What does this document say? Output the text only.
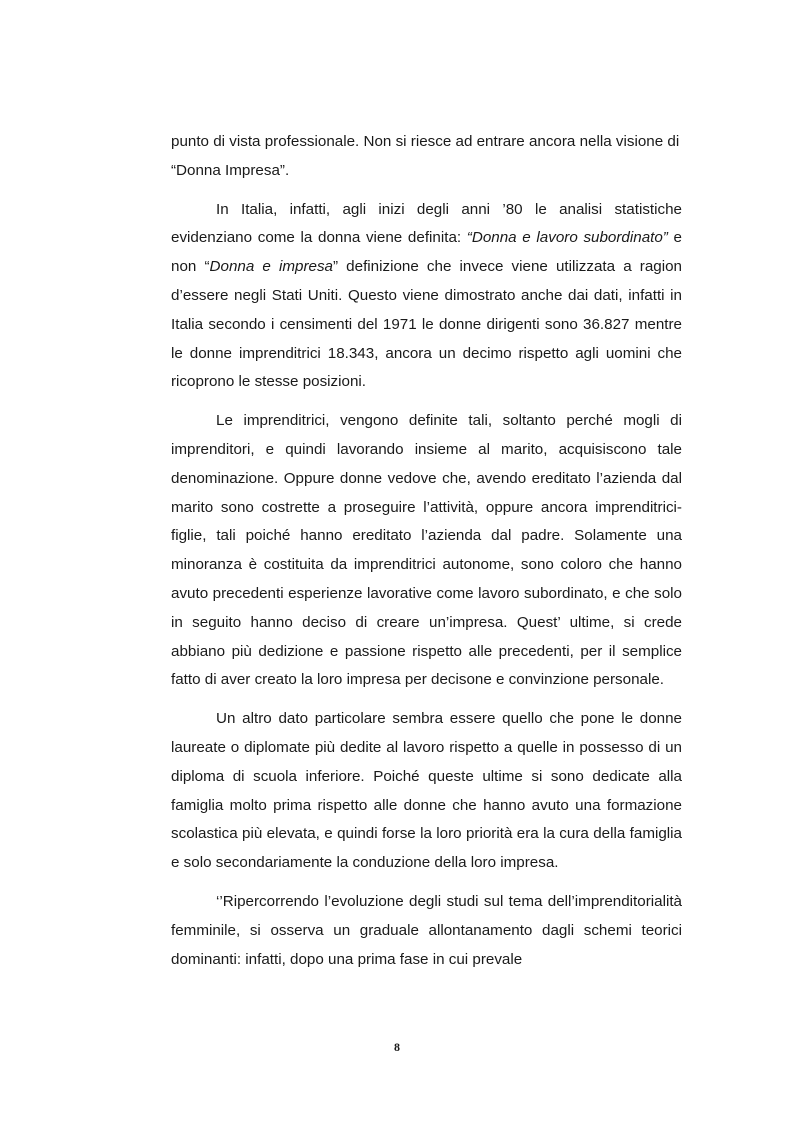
punto di vista professionale. Non si riesce ad entrare ancora nella visione di “Donna Impresa”.

In Italia, infatti, agli inizi degli anni ’80 le analisi statistiche evidenziano come la donna viene definita: “Donna e lavoro subordinato” e non “Donna e impresa” definizione che invece viene utilizzata a ragion d’essere negli Stati Uniti. Questo viene dimostrato anche dai dati, infatti in Italia secondo i censimenti del 1971 le donne dirigenti sono 36.827 mentre le donne imprenditrici 18.343, ancora un decimo rispetto agli uomini che ricoprono le stesse posizioni.

Le imprenditrici, vengono definite tali, soltanto perché mogli di imprenditori, e quindi lavorando insieme al marito, acquisiscono tale denominazione. Oppure donne vedove che, avendo ereditato l’azienda dal marito sono costrette a proseguire l’attività, oppure ancora imprenditrici-figlie, tali poiché hanno ereditato l’azienda dal padre. Solamente una minoranza è costituita da imprenditrici autonome, sono coloro che hanno avuto precedenti esperienze lavorative come lavoro subordinato, e che solo in seguito hanno deciso di creare un’impresa. Quest’ ultime, si crede abbiano più dedizione e passione rispetto alle precedenti, per il semplice fatto di aver creato la loro impresa per decisone e convinzione personale.

Un altro dato particolare sembra essere quello che pone le donne laureate o diplomate più dedite al lavoro rispetto a quelle in possesso di un diploma di scuola inferiore. Poiché queste ultime si sono dedicate alla famiglia molto prima rispetto alle donne che hanno avuto una formazione scolastica più elevata, e quindi forse la loro priorità era la cura della famiglia e solo secondariamente la conduzione della loro impresa.

‘’Ripercorrendo l’evoluzione degli studi sul tema dell’imprenditorialità femminile, si osserva un graduale allontanamento dagli schemi teorici dominanti: infatti, dopo una prima fase in cui prevale

8
